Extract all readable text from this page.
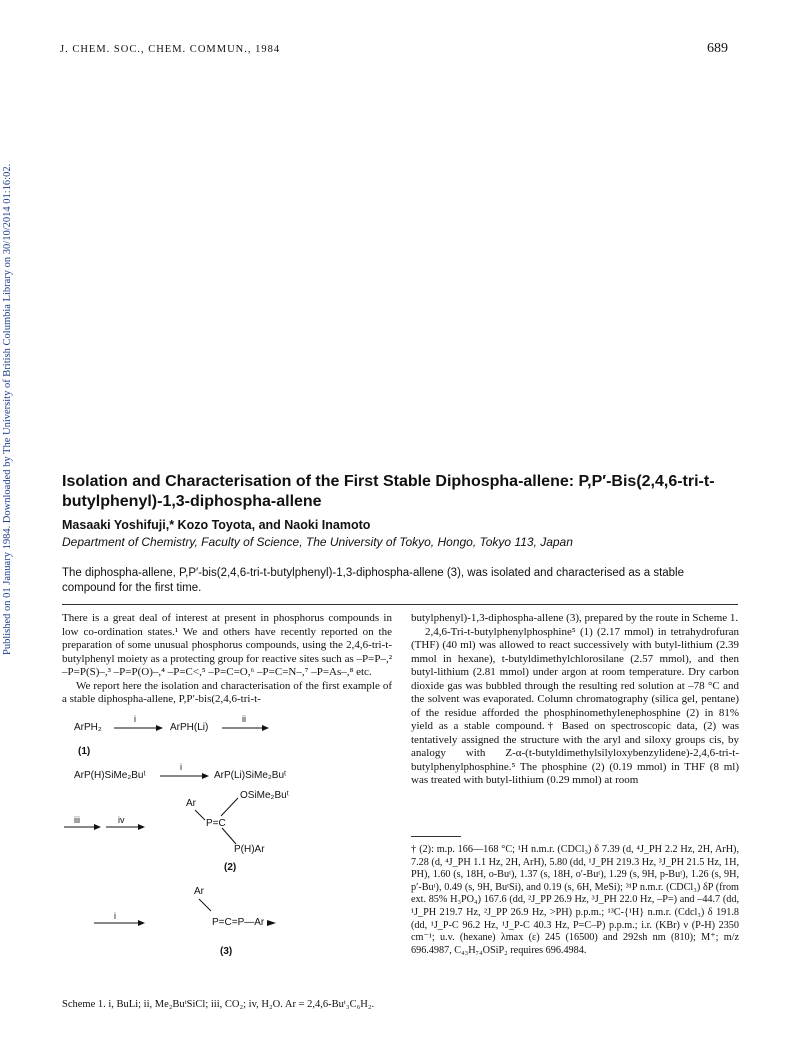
J. CHEM. SOC., CHEM. COMMUN., 1984	689
Published on 01 January 1984. Downloaded by The University of British Columbia Library on 30/10/2014 01:16:02.	Isolation and Characterisation of the First Stable Diphospha-allene: P,P′-Bis(2,4,6-tri-t-butylphenyl)-1,3-diphospha-allene
Masaaki Yoshifuji,* Kozo Toyota, and Naoki Inamoto
Department of Chemistry, Faculty of Science, The University of Tokyo, Hongo, Tokyo 113, Japan
The diphospha-allene, P,P′-bis(2,4,6-tri-t-butylphenyl)-1,3-diphospha-allene (3), was isolated and characterised as a stable compound for the first time.

There is a great deal of interest at present in phosphorus compounds in low co-ordination states.¹ We and others have recently reported on the preparation of some unusual phosphorus compounds, using the 2,4,6-tri-t-butylphenyl moiety as a protecting group for reactive sites such as –P=P–,² –P=P(S)–,³ –P=P(O)–,⁴ –P=C<,⁵ –P=C=O,⁶ –P=C=N–,⁷ –P=As–,⁸ etc.

We report here the isolation and characterisation of the first example of a stable diphospha-allene, P,P′-bis(2,4,6-tri-t-

ArPH₂
i
ArPH(Li)
ii
(1)
ArP(H)SiMe₂Buᵗ
i
ArP(Li)SiMe₂Buᵗ
iii	iv
Ar
OSiMe₂Buᵗ
P=C
P(H)Ar
(2)
Ar
i
P=C=P—Ar
(3)
Scheme 1. i, BuLi; ii, Me₂BuᵗSiCl; iii, CO₂; iv, H₂O. Ar = 2,4,6-Buᵗ₃C₆H₂.

butylphenyl)-1,3-diphospha-allene (3), prepared by the route in Scheme 1.

2,4,6-Tri-t-butylphenylphosphine⁵ (1) (2.17 mmol) in tetrahydrofuran (THF) (40 ml) was allowed to react successively with butyl-lithium (2.39 mmol in hexane), t-butyldimethylchlorosilane (2.57 mmol), and then butyl-lithium (2.81 mmol) under argon at room temperature. Dry carbon dioxide gas was bubbled through the resulting red solution at –78 °C and the solvent was evaporated. Column chromatography (silica gel, pentane) of the residue afforded the phosphinomethylenephosphine (2) in 81% yield as a stable compound.† Based on spectroscopic data, (2) was tentatively assigned the structure with the aryl and siloxy groups cis, by analogy with Z-α-(t-butyldimethylsilyloxybenzylidene)-2,4,6-tri-t-butylphenylphosphine.⁵ The phosphine (2) (0.19 mmol) in THF (8 ml) was treated with butyl-lithium (0.29 mmol) at room

† (2): m.p. 166—168 °C; ¹H n.m.r. (CDCl₃) δ 7.39 (d, ⁴J_PH 2.2 Hz, 2H, ArH), 7.28 (d, ⁴J_PH 1.1 Hz, 2H, ArH), 5.80 (dd, ¹J_PH 219.3 Hz, ³J_PH 21.5 Hz, 1H, PH), 1.60 (s, 18H, o-Buᵗ), 1.37 (s, 18H, o′-Buᵗ), 1.29 (s, 9H, p-Buᵗ), 1.26 (s, 9H, p′-Buᵗ), 0.49 (s, 9H, BuᵗSi), and 0.19 (s, 6H, MeSi); ³¹P n.m.r. (CDCl₃) δP (from ext. 85% H₃PO₄) 167.6 (dd, ²J_PP 26.9 Hz, ³J_PH 22.0 Hz, –P=) and –44.7 (dd, ¹J_PH 219.7 Hz, ²J_PP 26.9 Hz, >PH) p.p.m.; ¹³C-{¹H} n.m.r. (Cdcl₃) δ 191.8 (dd, ¹J_P-C 96.2 Hz, ¹J_P-C 40.3 Hz, P=C–P) p.p.m.; i.r. (KBr) ν (P-H) 2350 cm⁻¹; u.v. (hexane) λmax (ε) 245 (16500) and 292sh nm (810); M⁺; m/z 696.4987, C₄₃H₇₄OSiP₂ requires 696.4984.
